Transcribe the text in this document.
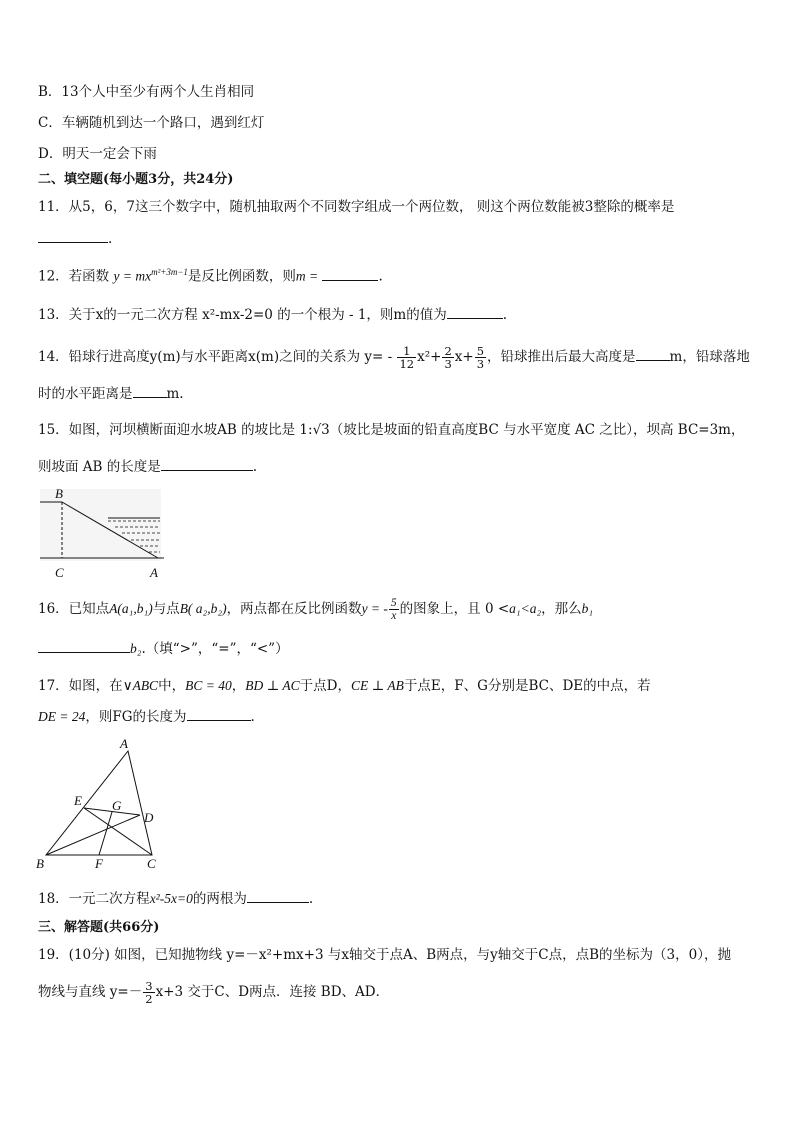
B．13个人中至少有两个人生肖相同
C．车辆随机到达一个路口，遇到红灯
D．明天一定会下雨
二、填空题(每小题3分，共24分)
11．从5，6，7这三个数字中，随机抽取两个不同数字组成一个两位数， 则这个两位数能被3整除的概率是
.
12．若函数 $y = mx^{m^2+3m-1}$是反比例函数，则m =	.
13．关于x的一元二次方程 x²-mx-2=0 的一个根为 - 1，则m的值为	.
14．铅球行进高度y(m)与水平距离x(m)之间的关系为 $y= - \frac{1}{12} x^2+ \frac{2}{3} x+ \frac{5}{3}$ ，铅球推出后最大高度是	m，铅球落地
时的水平距离是	m.
15．如图，河坝横断面迎水坡AB 的坡比是 1:√3（坡比是坡面的铅直高度BC 与水平宽度 AC 之比），坝高 BC=3m，
则坡面 AB 的长度是	.
B
C	A
16．已知点A(a₁,b₁)与点B( a₂,b₂)，两点都在反比例函数y = - $\frac{5}{x}$ 的图象上，且 0 <a₁<a₂，那么b₁
b₂.（填“>”，“=”，“<”）
17．如图，在∨ABC中，BC = 40，BD ⊥ AC于点D，CE ⊥ AB于点E，F、G分别是BC、DE的中点，若
DE = 24，则FG的长度为	.
A
E G
D
B	F	C
18．一元二次方程x²-5x=0的两根为	.
三、解答题(共66分)
19．(10分) 如图，已知抛物线 y=－x²+mx+3 与x轴交于点A、B两点，与y轴交于C点，点B的坐标为（3，0），抛
物线与直线 $y=- \frac{3}{2} x+3$ 交于C、D两点．连接 BD、AD．
